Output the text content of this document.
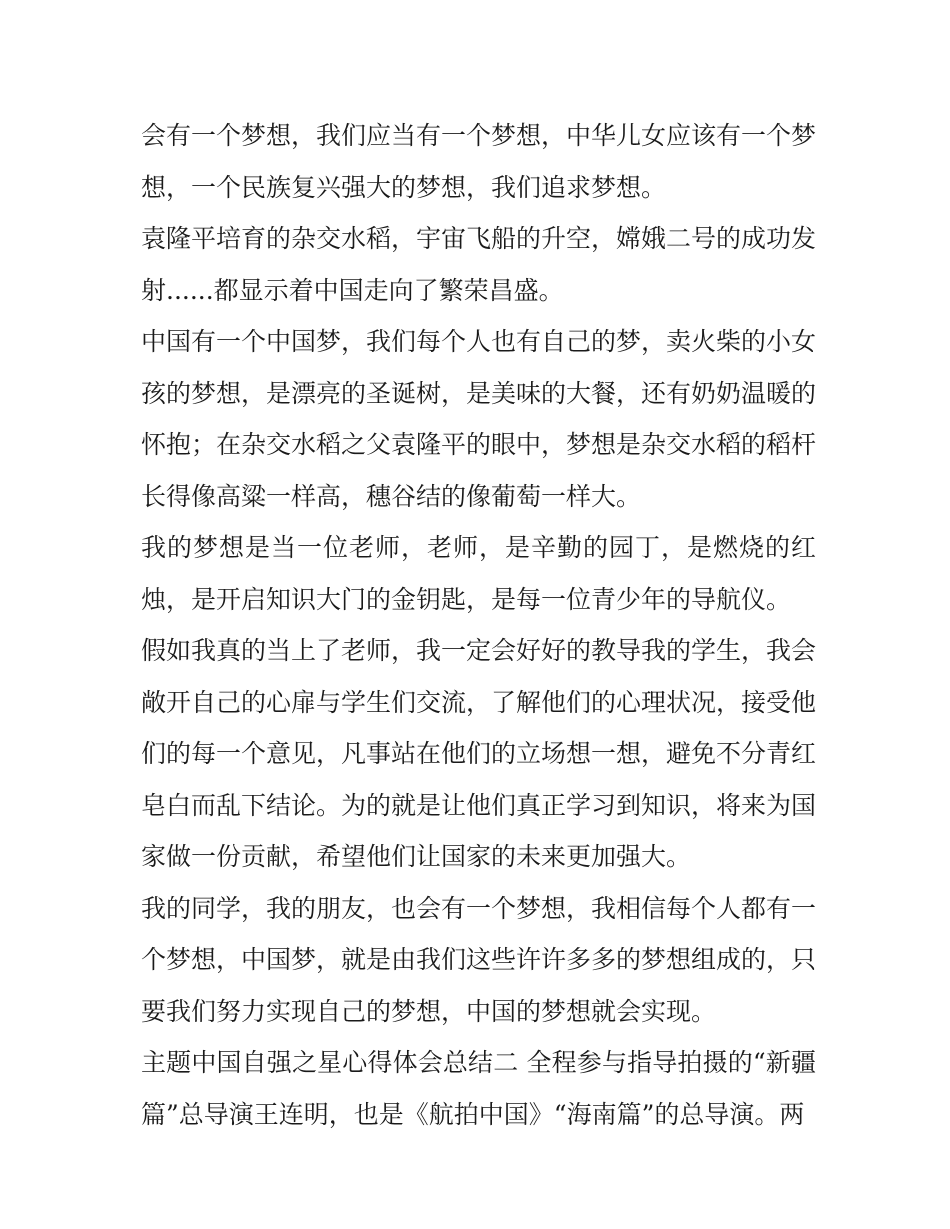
会有一个梦想，我们应当有一个梦想，中华儿女应该有一个梦想，一个民族复兴强大的梦想，我们追求梦想。

袁隆平培育的杂交水稻，宇宙飞船的升空，嫦娥二号的成功发射......都显示着中国走向了繁荣昌盛。

中国有一个中国梦，我们每个人也有自己的梦，卖火柴的小女孩的梦想，是漂亮的圣诞树，是美味的大餐，还有奶奶温暖的怀抱；在杂交水稻之父袁隆平的眼中，梦想是杂交水稻的稻杆长得像高粱一样高，穗谷结的像葡萄一样大。

我的梦想是当一位老师，老师，是辛勤的园丁，是燃烧的红烛，是开启知识大门的金钥匙，是每一位青少年的导航仪。

假如我真的当上了老师，我一定会好好的教导我的学生，我会敞开自己的心扉与学生们交流，了解他们的心理状况，接受他们的每一个意见，凡事站在他们的立场想一想，避免不分青红皂白而乱下结论。为的就是让他们真正学习到知识，将来为国家做一份贡献，希望他们让国家的未来更加强大。

我的同学，我的朋友，也会有一个梦想，我相信每个人都有一个梦想，中国梦，就是由我们这些许许多多的梦想组成的，只要我们努力实现自己的梦想，中国的梦想就会实现。

主题中国自强之星心得体会总结二 全程参与指导拍摄的“新疆篇”总导演王连明，也是《航拍中国》“海南篇”的总导演。两
